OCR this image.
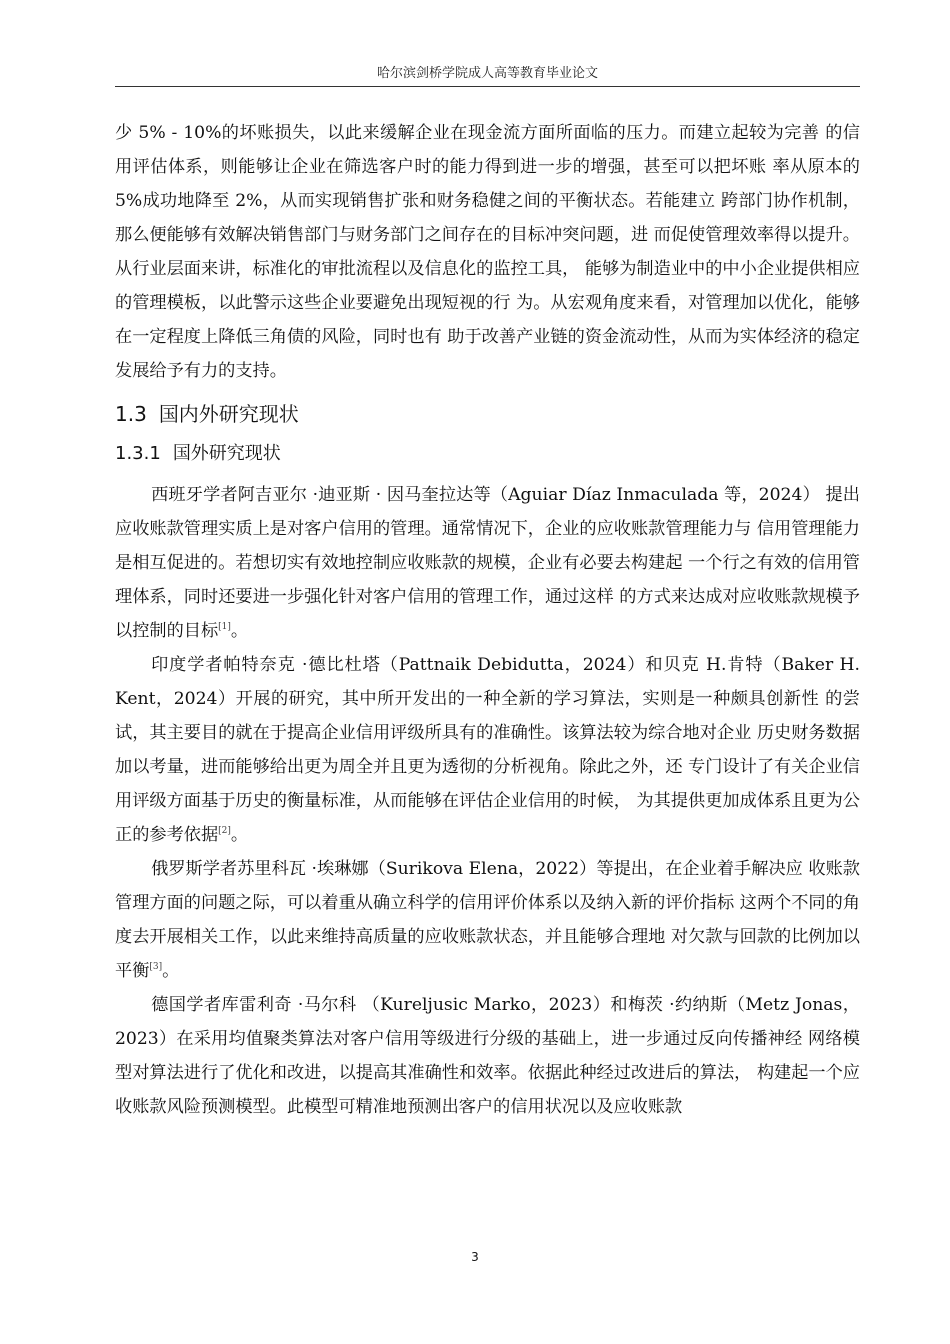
哈尔滨剑桥学院成人高等教育毕业论文

少 5% - 10%的坏账损失，以此来缓解企业在现金流方面所面临的压力。而建立起较为完善 的信用评估体系，则能够让企业在筛选客户时的能力得到进一步的增强，甚至可以把坏账 率从原本的 5%成功地降至 2%，从而实现销售扩张和财务稳健之间的平衡状态。若能建立 跨部门协作机制，那么便能够有效解决销售部门与财务部门之间存在的目标冲突问题，进 而促使管理效率得以提升。从行业层面来讲，标准化的审批流程以及信息化的监控工具， 能够为制造业中的中小企业提供相应的管理模板，以此警示这些企业要避免出现短视的行 为。从宏观角度来看，对管理加以优化，能够在一定程度上降低三角债的风险，同时也有 助于改善产业链的资金流动性，从而为实体经济的稳定发展给予有力的支持。

1.3 国内外研究现状

1.3.1 国外研究现状

西班牙学者阿吉亚尔 ·迪亚斯 · 因马奎拉达等（Aguiar Díaz Inmaculada 等，2024） 提出应收账款管理实质上是对客户信用的管理。通常情况下，企业的应收账款管理能力与 信用管理能力是相互促进的。若想切实有效地控制应收账款的规模，企业有必要去构建起 一个行之有效的信用管理体系，同时还要进一步强化针对客户信用的管理工作，通过这样 的方式来达成对应收账款规模予以控制的目标[1]。

印度学者帕特奈克 ·德比杜塔（Pattnaik Debidutta，2024）和贝克 H.肯特（Baker H. Kent，2024）开展的研究，其中所开发出的一种全新的学习算法，实则是一种颇具创新性 的尝试，其主要目的就在于提高企业信用评级所具有的准确性。该算法较为综合地对企业 历史财务数据加以考量，进而能够给出更为周全并且更为透彻的分析视角。除此之外，还 专门设计了有关企业信用评级方面基于历史的衡量标准，从而能够在评估企业信用的时候， 为其提供更加成体系且更为公正的参考依据[2]。

俄罗斯学者苏里科瓦 ·埃琳娜（Surikova Elena，2022）等提出，在企业着手解决应 收账款管理方面的问题之际，可以着重从确立科学的信用评价体系以及纳入新的评价指标 这两个不同的角度去开展相关工作，以此来维持高质量的应收账款状态，并且能够合理地 对欠款与回款的比例加以平衡[3]。

德国学者库雷利奇 ·马尔科 （Kureljusic Marko，2023）和梅茨 ·约纳斯（Metz Jonas， 2023）在采用均值聚类算法对客户信用等级进行分级的基础上，进一步通过反向传播神经 网络模型对算法进行了优化和改进，以提高其准确性和效率。依据此种经过改进后的算法， 构建起一个应收账款风险预测模型。此模型可精准地预测出客户的信用状况以及应收账款

3
